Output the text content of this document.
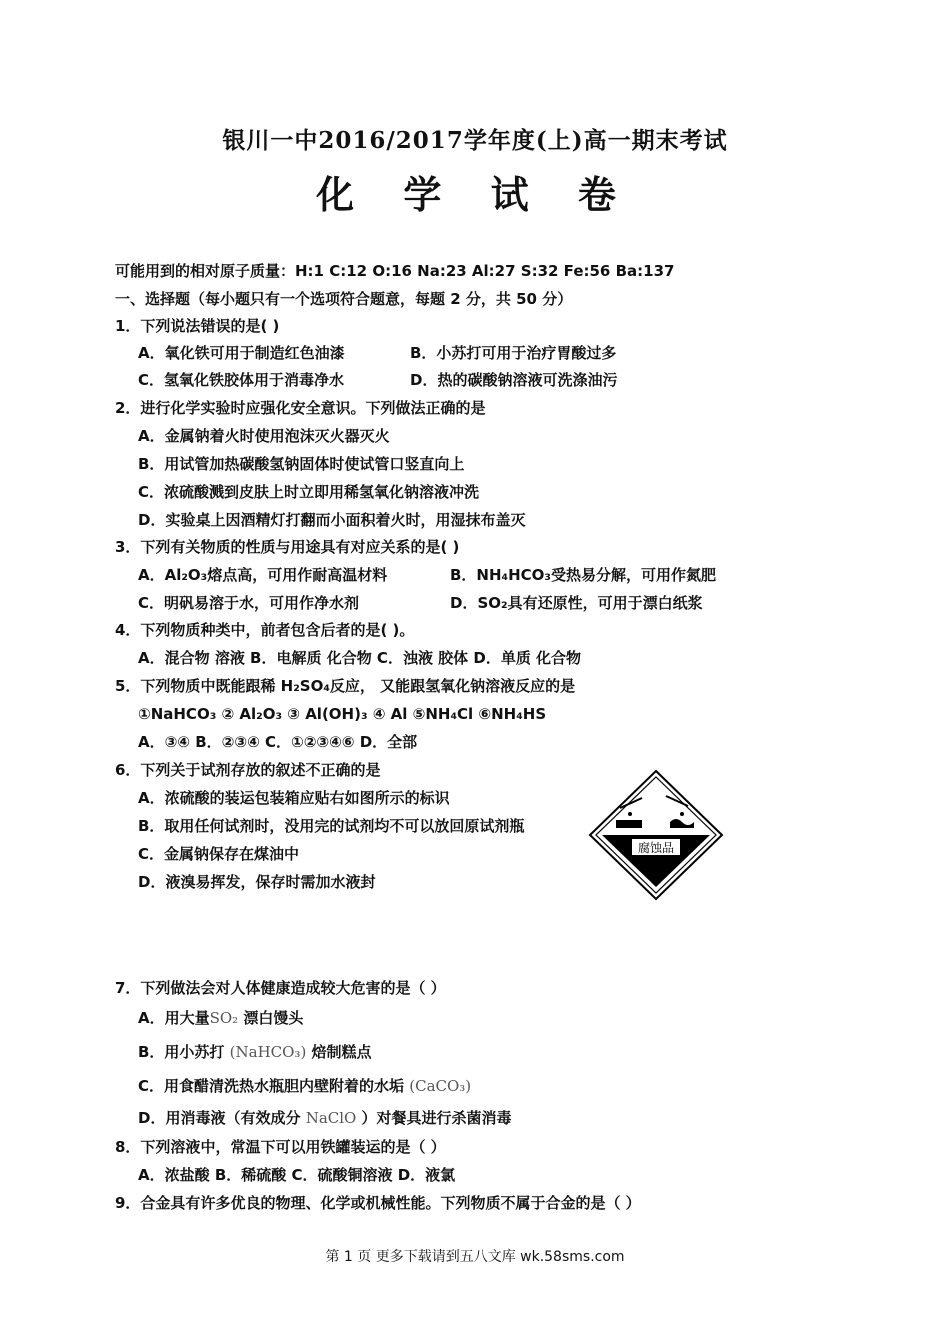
银川一中2016/2017学年度(上)高一期末考试
化 学 试 卷
可能用到的相对原子质量：H:1 C:12 O:16 Na:23 Al:27 S:32 Fe:56 Ba:137
一、选择题（每小题只有一个选项符合题意，每题 2 分，共 50 分）
1．下列说法错误的是( )
A．氧化铁可用于制造红色油漆	B．小苏打可用于治疗胃酸过多
C．氢氧化铁胶体用于消毒净水	D．热的碳酸钠溶液可洗涤油污
2．进行化学实验时应强化安全意识。下列做法正确的是
A．金属钠着火时使用泡沫灭火器灭火
B．用试管加热碳酸氢钠固体时使试管口竖直向上
C．浓硫酸溅到皮肤上时立即用稀氢氧化钠溶液冲洗
D．实验桌上因酒精灯打翻而小面积着火时，用湿抹布盖灭
3．下列有关物质的性质与用途具有对应关系的是( )
A．Al₂O₃熔点高，可用作耐高温材料	B．NH₄HCO₃受热易分解，可用作氮肥
C．明矾易溶于水，可用作净水剂	D．SO₂具有还原性，可用于漂白纸浆
4．下列物质种类中，前者包含后者的是( )。
A．混合物 溶液 B．电解质 化合物 C．浊液 胶体 D．单质 化合物
5．下列物质中既能跟稀 H₂SO₄反应， 又能跟氢氧化钠溶液反应的是
①NaHCO₃ ② Al₂O₃ ③ Al(OH)₃ ④ Al ⑤NH₄Cl ⑥NH₄HS
A．③④ B．②③④ C．①②③④⑥ D．全部
6．下列关于试剂存放的叙述不正确的是
A．浓硫酸的装运包装箱应贴右如图所示的标识
B．取用任何试剂时，没用完的试剂均不可以放回原试剂瓶
C．金属钠保存在煤油中
D．液溴易挥发，保存时需加水液封
腐蚀品
7．下列做法会对人体健康造成较大危害的是（ ）
A．用大量SO₂ 漂白馒头
B．用小苏打 (NaHCO₃) 焙制糕点
C．用食醋清洗热水瓶胆内壁附着的水垢 (CaCO₃)
D．用消毒液（有效成分 NaClO ）对餐具进行杀菌消毒
8．下列溶液中，常温下可以用铁罐装运的是（ ）
A．浓盐酸 B．稀硫酸 C．硫酸铜溶液 D．液氯
9．合金具有许多优良的物理、化学或机械性能。下列物质不属于合金的是（ ）
第 1 页 更多下载请到五八文库 wk.58sms.com
